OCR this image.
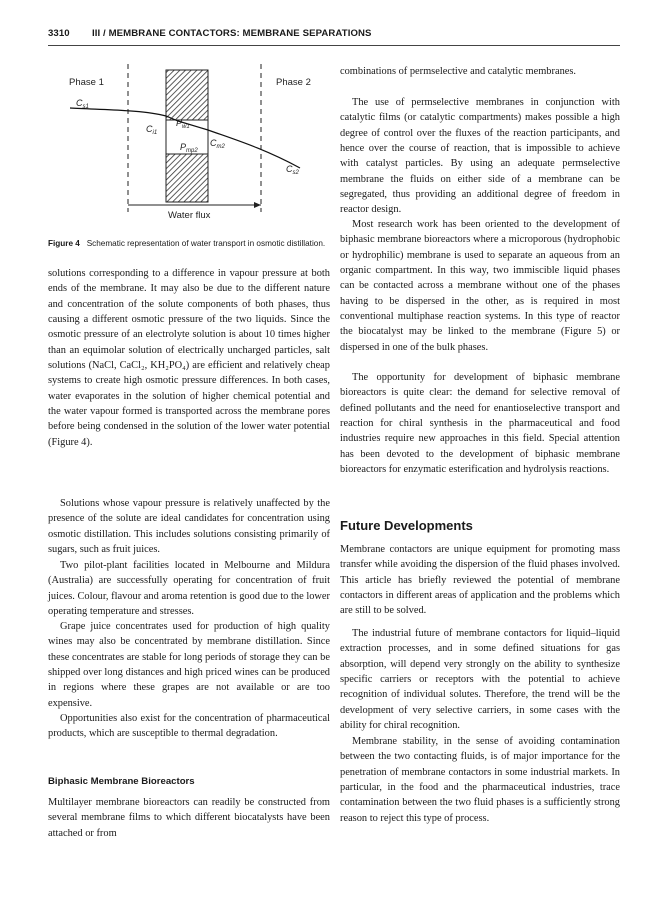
3310 III / MEMBRANE CONTACTORS: MEMBRANE SEPARATIONS
Phase 1	Phase 2
$C_{s1}$
$C_{i1}$
$P_{w1}$
$P_{mp2}$
$C_{m2}$
$C_{s2}$
Water flux
Figure 4 Schematic representation of water transport in osmotic distillation.

solutions corresponding to a difference in vapour pressure at both ends of the membrane. It may also be due to the different nature and concentration of the solute components of both phases, thus causing a different osmotic pressure of the two liquids. Since the osmotic pressure of an electrolyte solution is about 10 times higher than an equimolar solution of electrically uncharged particles, salt solutions (NaCl, CaCl₂, KH₂PO₄) are efficient and relatively cheap systems to create high osmotic pressure differences. In both cases, water evaporates in the solution of higher chemical potential and the water vapour formed is transported across the membrane pores before being condensed in the solution of the lower water potential (Figure 4).

Solutions whose vapour pressure is relatively unaffected by the presence of the solute are ideal candidates for concentration using osmotic distillation. This includes solutions consisting primarily of sugars, such as fruit juices.

Two pilot-plant facilities located in Melbourne and Mildura (Australia) are successfully operating for concentration of fruit juices. Colour, flavour and aroma retention is good due to the lower operating temperature and stresses.

Grape juice concentrates used for production of high quality wines may also be concentrated by membrane distillation. Since these concentrates are stable for long periods of storage they can be shipped over long distances and high priced wines can be produced in regions where these grapes are not available or are too expensive.

Opportunities also exist for the concentration of pharmaceutical products, which are susceptible to thermal degradation.

Biphasic Membrane Bioreactors

Multilayer membrane bioreactors can readily be constructed from several membrane films to which different biocatalysts have been attached or from

combinations of permselective and catalytic membranes.

The use of permselective membranes in conjunction with catalytic films (or catalytic compartments) makes possible a high degree of control over the fluxes of the reaction participants, and hence over the course of reaction, that is impossible to achieve with catalyst particles. By using an adequate permselective membrane the fluids on either side of a membrane can be segregated, thus providing an additional degree of freedom in reactor design.

Most research work has been oriented to the development of biphasic membrane bioreactors where a microporous (hydrophobic or hydrophilic) membrane is used to separate an aqueous from an organic compartment. In this way, two immiscible liquid phases can be contacted across a membrane without one of the phases having to be dispersed in the other, as is required in most conventional multiphase reaction systems. In this type of reactor the biocatalyst may be linked to the membrane (Figure 5) or dispersed in one of the bulk phases.

The opportunity for development of biphasic membrane bioreactors is quite clear: the demand for selective removal of defined pollutants and the need for enantioselective transport and reaction for chiral synthesis in the pharmaceutical and food industries require new approaches in this field. Special attention has been devoted to the development of biphasic membrane bioreactors for enzymatic esterification and hydrolysis reactions.

Future Developments

Membrane contactors are unique equipment for promoting mass transfer while avoiding the dispersion of the fluid phases involved. This article has briefly reviewed the potential of membrane contactors in different areas of application and the problems which are still to be solved.

The industrial future of membrane contactors for liquid–liquid extraction processes, and in some defined situations for gas absorption, will depend very strongly on the ability to synthesize specific carriers or receptors with the potential to achieve recognition of individual solutes. Therefore, the trend will be the development of very selective carriers, in some cases with the ability for chiral recognition.

Membrane stability, in the sense of avoiding contamination between the two contacting fluids, is of major importance for the penetration of membrane contactors in some industrial markets. In particular, in the food and the pharmaceutical industries, trace contamination between the two fluid phases is a sufficiently strong reason to reject this type of process.
